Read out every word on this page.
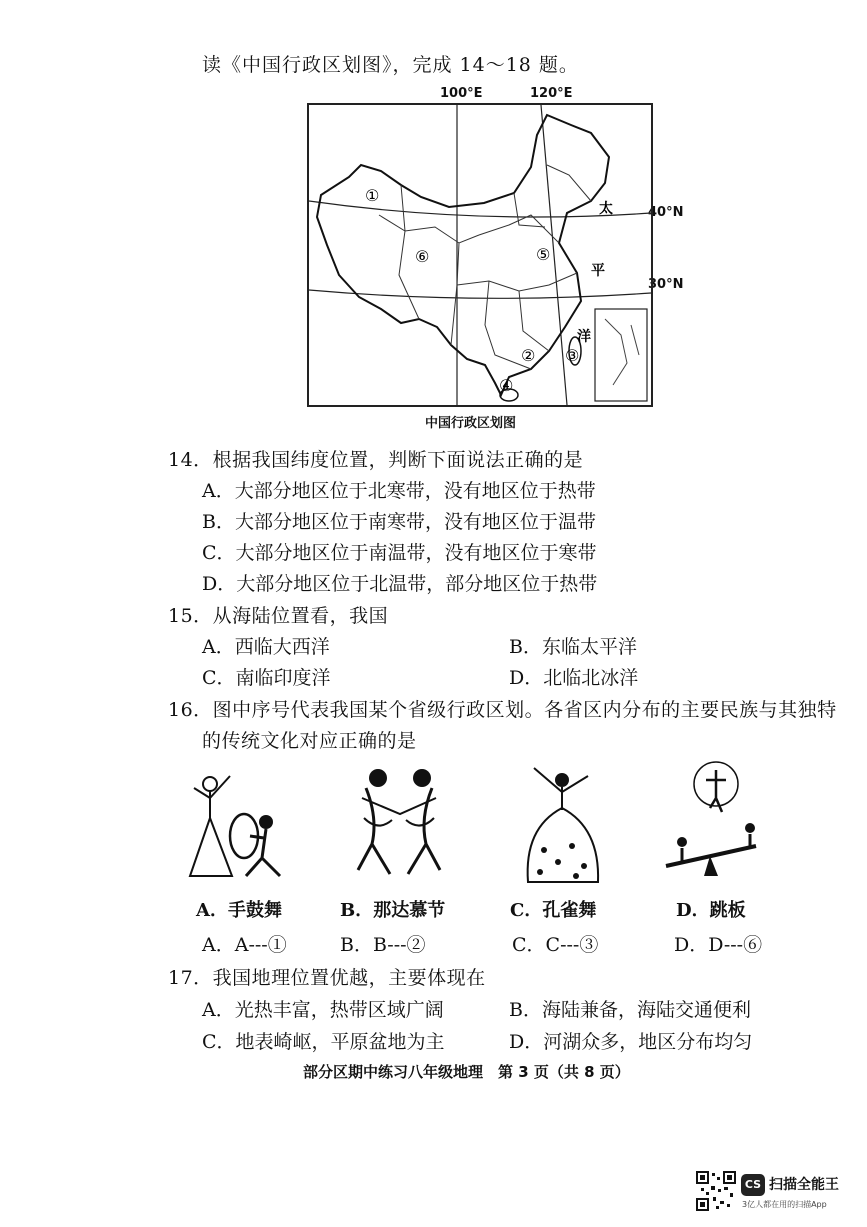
读《中国行政区划图》，完成 14～18 题。
100°E	120°E
40°N
30°N
太
平
洋
①
② ③
④
⑤
⑥
中国行政区划图
14．根据我国纬度位置，判断下面说法正确的是
A．大部分地区位于北寒带，没有地区位于热带
B．大部分地区位于南寒带，没有地区位于温带
C．大部分地区位于南温带，没有地区位于寒带
D．大部分地区位于北温带，部分地区位于热带
15．从海陆位置看，我国
A．西临大西洋	B．东临太平洋
C．南临印度洋	D．北临北冰洋
16．图中序号代表我国某个省级行政区划。各省区内分布的主要民族与其独特
的传统文化对应正确的是
A．手鼓舞	B．那达慕节	C．孔雀舞	D．跳板
A．A---①	B．B---②	C．C---③	D．D---⑥
17．我国地理位置优越，主要体现在
A．光热丰富，热带区域广阔	B．海陆兼备，海陆交通便利
C．地表崎岖，平原盆地为主	D．河湖众多，地区分布均匀
部分区期中练习八年级地理　第 3 页（共 8 页）
CS 扫描全能王
3亿人都在用的扫描App
